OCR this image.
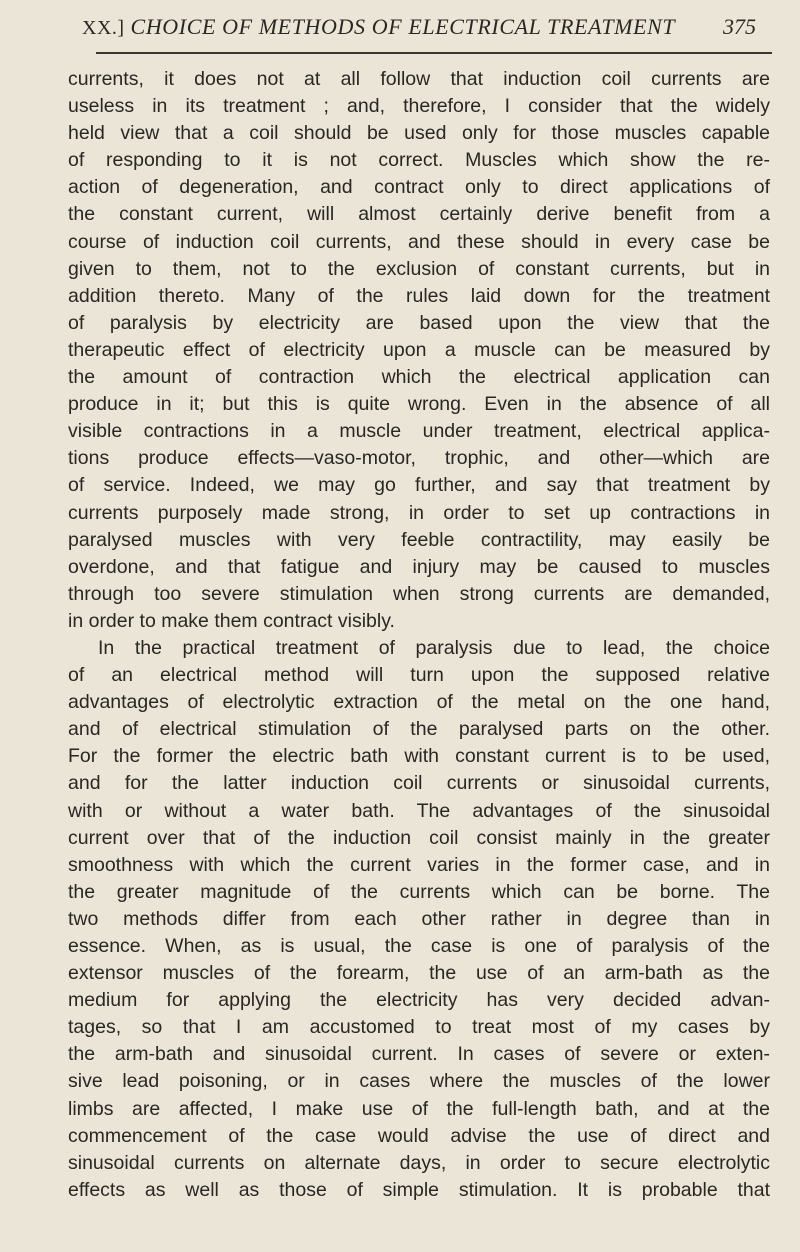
XX.] CHOICE OF METHODS OF ELECTRICAL TREATMENT 375
currents, it does not at all follow that induction coil currents are
useless in its treatment ; and, therefore, I consider that the widely
held view that a coil should be used only for those muscles capable
of responding to it is not correct. Muscles which show the re-
action of degeneration, and contract only to direct applications of
the constant current, will almost certainly derive benefit from a
course of induction coil currents, and these should in every case be
given to them, not to the exclusion of constant currents, but in
addition thereto. Many of the rules laid down for the treatment
of paralysis by electricity are based upon the view that the
therapeutic effect of electricity upon a muscle can be measured by
the amount of contraction which the electrical application can
produce in it; but this is quite wrong. Even in the absence of all
visible contractions in a muscle under treatment, electrical applica-
tions produce effects—vaso-motor, trophic, and other—which are
of service. Indeed, we may go further, and say that treatment by
currents purposely made strong, in order to set up contractions in
paralysed muscles with very feeble contractility, may easily be
overdone, and that fatigue and injury may be caused to muscles
through too severe stimulation when strong currents are demanded,
in order to make them contract visibly.
In the practical treatment of paralysis due to lead, the choice
of an electrical method will turn upon the supposed relative
advantages of electrolytic extraction of the metal on the one hand,
and of electrical stimulation of the paralysed parts on the other.
For the former the electric bath with constant current is to be used,
and for the latter induction coil currents or sinusoidal currents,
with or without a water bath. The advantages of the sinusoidal
current over that of the induction coil consist mainly in the greater
smoothness with which the current varies in the former case, and in
the greater magnitude of the currents which can be borne. The
two methods differ from each other rather in degree than in
essence. When, as is usual, the case is one of paralysis of the
extensor muscles of the forearm, the use of an arm-bath as the
medium for applying the electricity has very decided advan-
tages, so that I am accustomed to treat most of my cases by
the arm-bath and sinusoidal current. In cases of severe or exten-
sive lead poisoning, or in cases where the muscles of the lower
limbs are affected, I make use of the full-length bath, and at the
commencement of the case would advise the use of direct and
sinusoidal currents on alternate days, in order to secure electrolytic
effects as well as those of simple stimulation. It is probable that
